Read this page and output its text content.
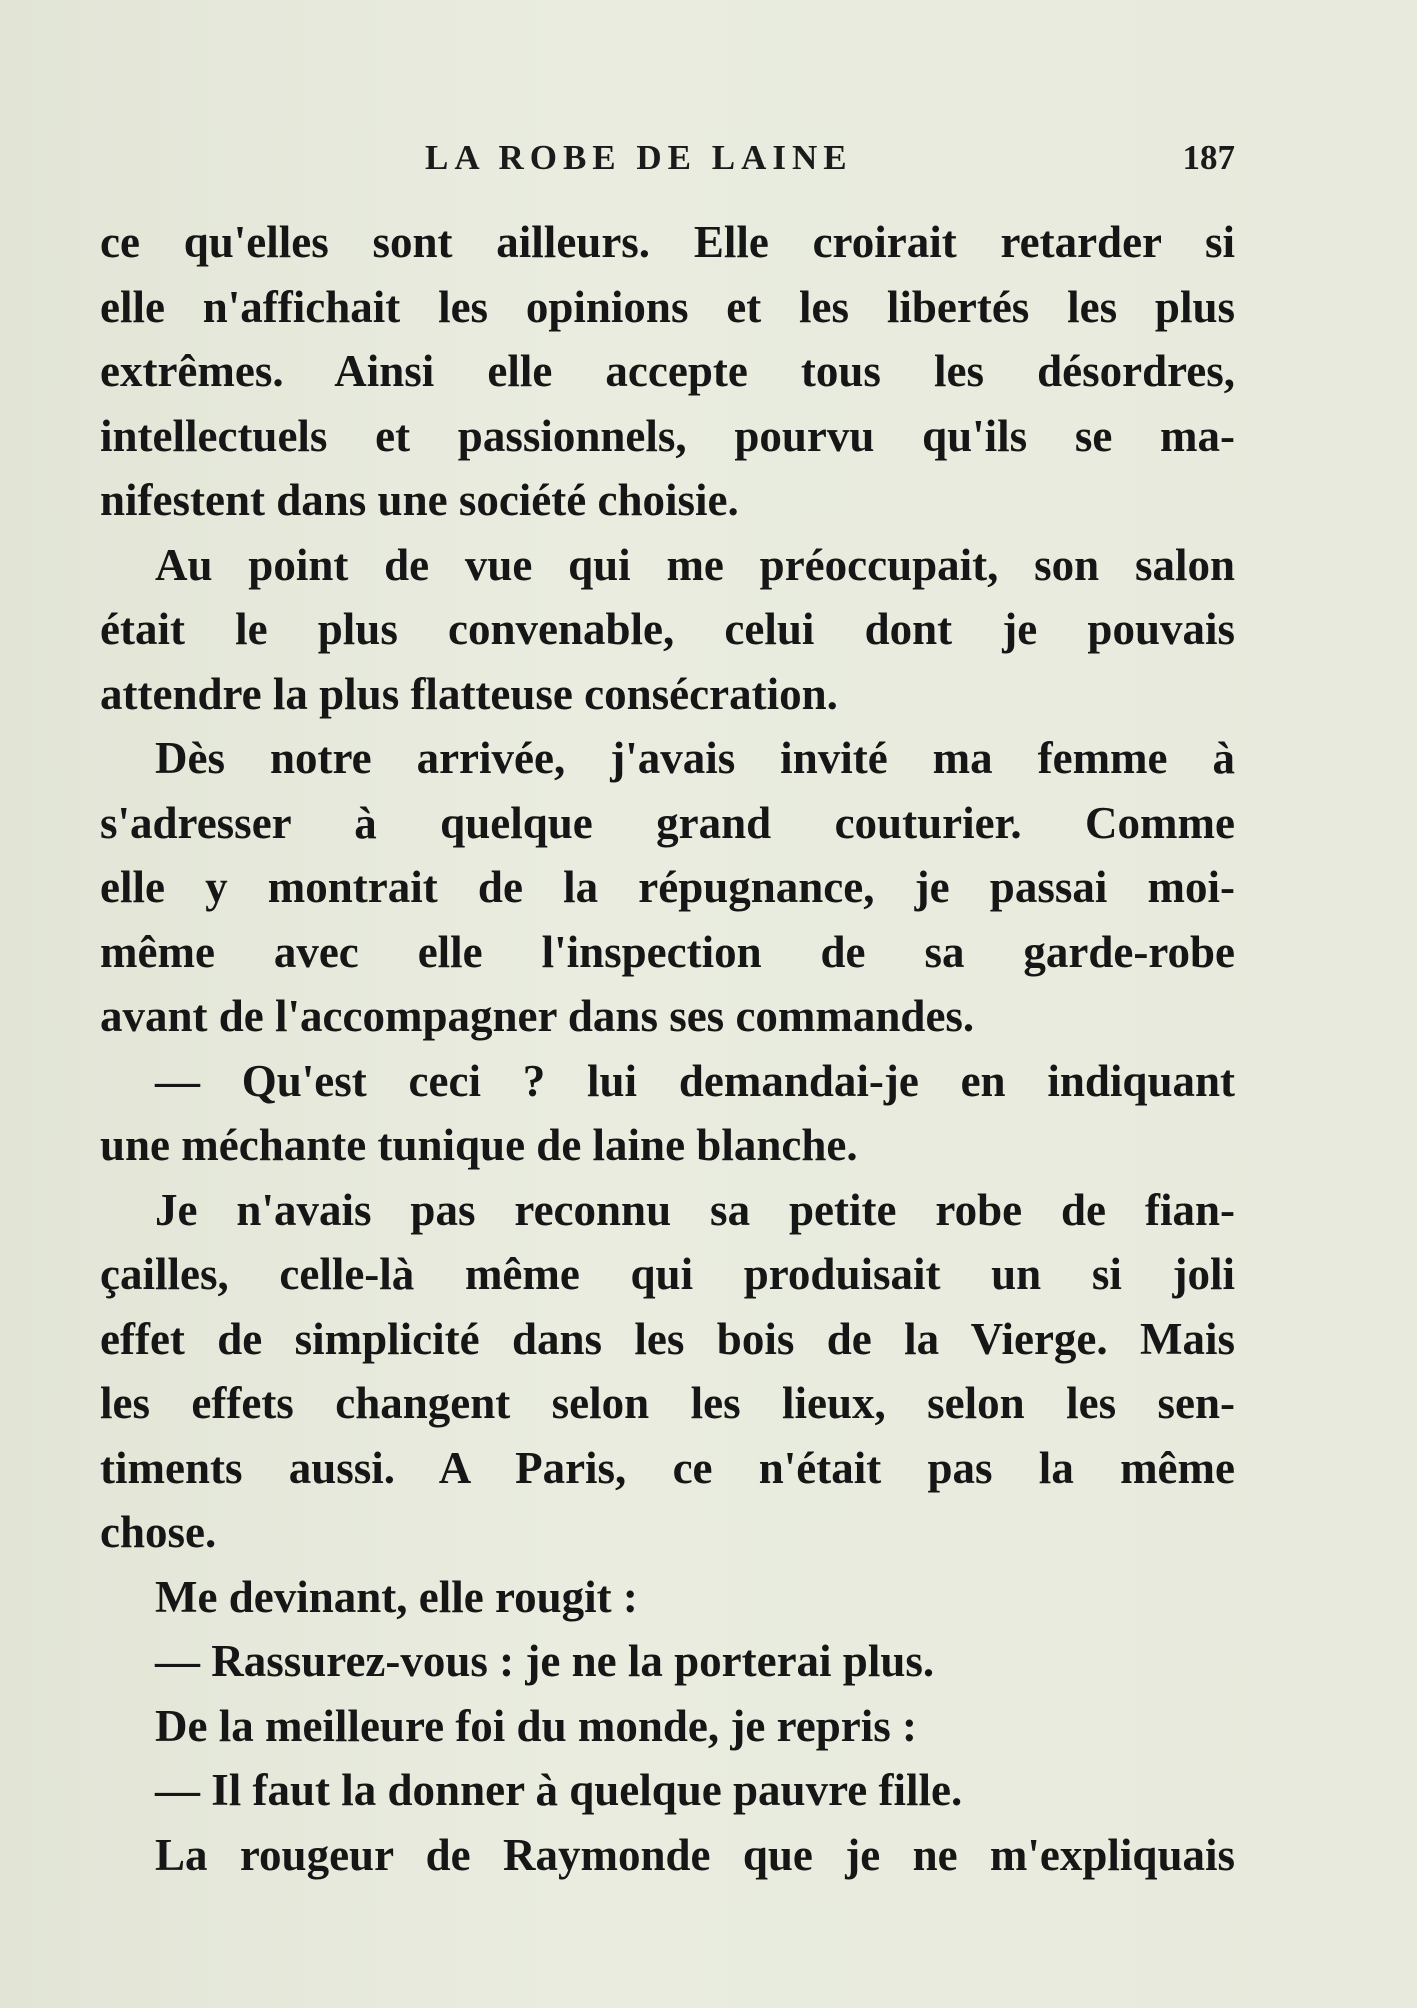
LA ROBE DE LAINE	187
ce qu'elles sont ailleurs. Elle croirait retarder si
elle n'affichait les opinions et les libertés les plus
extrêmes. Ainsi elle accepte tous les désordres,
intellectuels et passionnels, pourvu qu'ils se ma-
nifestent dans une société choisie.
Au point de vue qui me préoccupait, son salon
était le plus convenable, celui dont je pouvais
attendre la plus flatteuse consécration.
Dès notre arrivée, j'avais invité ma femme à
s'adresser à quelque grand couturier. Comme
elle y montrait de la répugnance, je passai moi-
même avec elle l'inspection de sa garde-robe
avant de l'accompagner dans ses commandes.
— Qu'est ceci ? lui demandai-je en indiquant
une méchante tunique de laine blanche.
Je n'avais pas reconnu sa petite robe de fian-
çailles, celle-là même qui produisait un si joli
effet de simplicité dans les bois de la Vierge. Mais
les effets changent selon les lieux, selon les sen-
timents aussi. A Paris, ce n'était pas la même
chose.
Me devinant, elle rougit :
— Rassurez-vous : je ne la porterai plus.
De la meilleure foi du monde, je repris :
— Il faut la donner à quelque pauvre fille.
La rougeur de Raymonde que je ne m'expliquais
